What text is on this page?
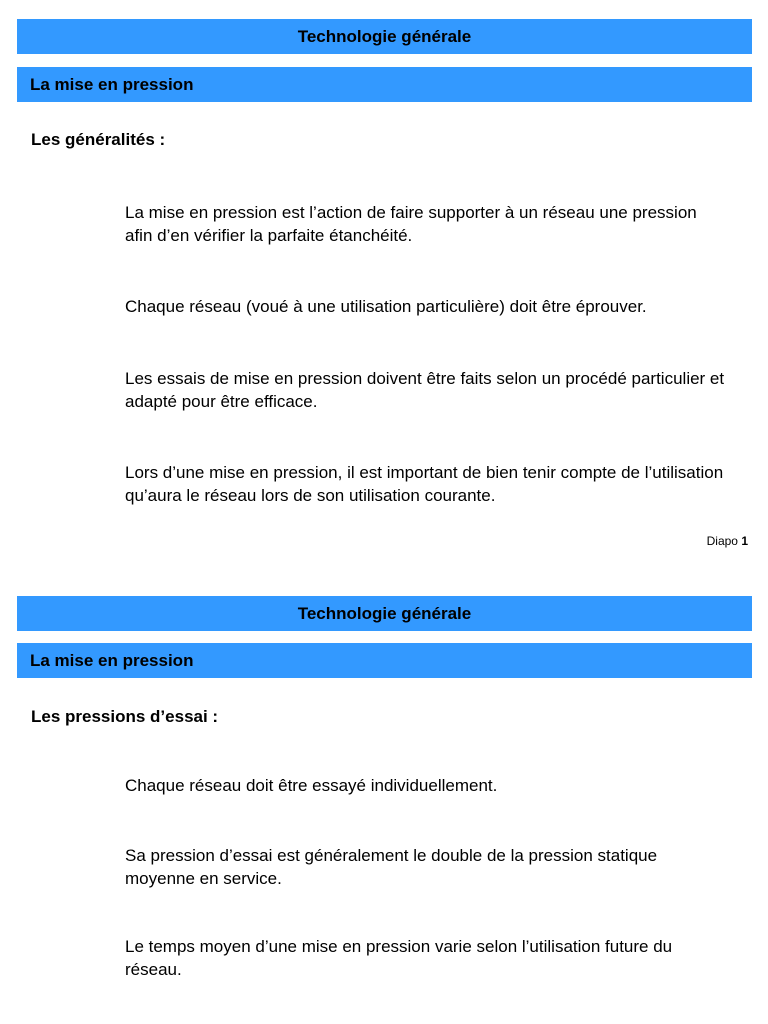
Technologie générale
La mise en pression
Les généralités :

La mise en pression est l’action de faire supporter à un réseau une pression afin d’en vérifier la parfaite étanchéité.

Chaque réseau (voué à une utilisation particulière) doit être éprouver.

Les essais de mise en pression doivent être faits selon un procédé particulier et adapté pour être efficace.

Lors d’une mise en pression, il est important de bien tenir compte de l’utilisation qu’aura le réseau lors de son utilisation courante.

Diapo 1
Technologie générale
La mise en pression
Les pressions d’essai :

Chaque réseau doit être essayé individuellement.

Sa pression d’essai est généralement le double de la pression statique moyenne en service.

Le temps moyen d’une mise en pression varie selon l’utilisation future du réseau.
